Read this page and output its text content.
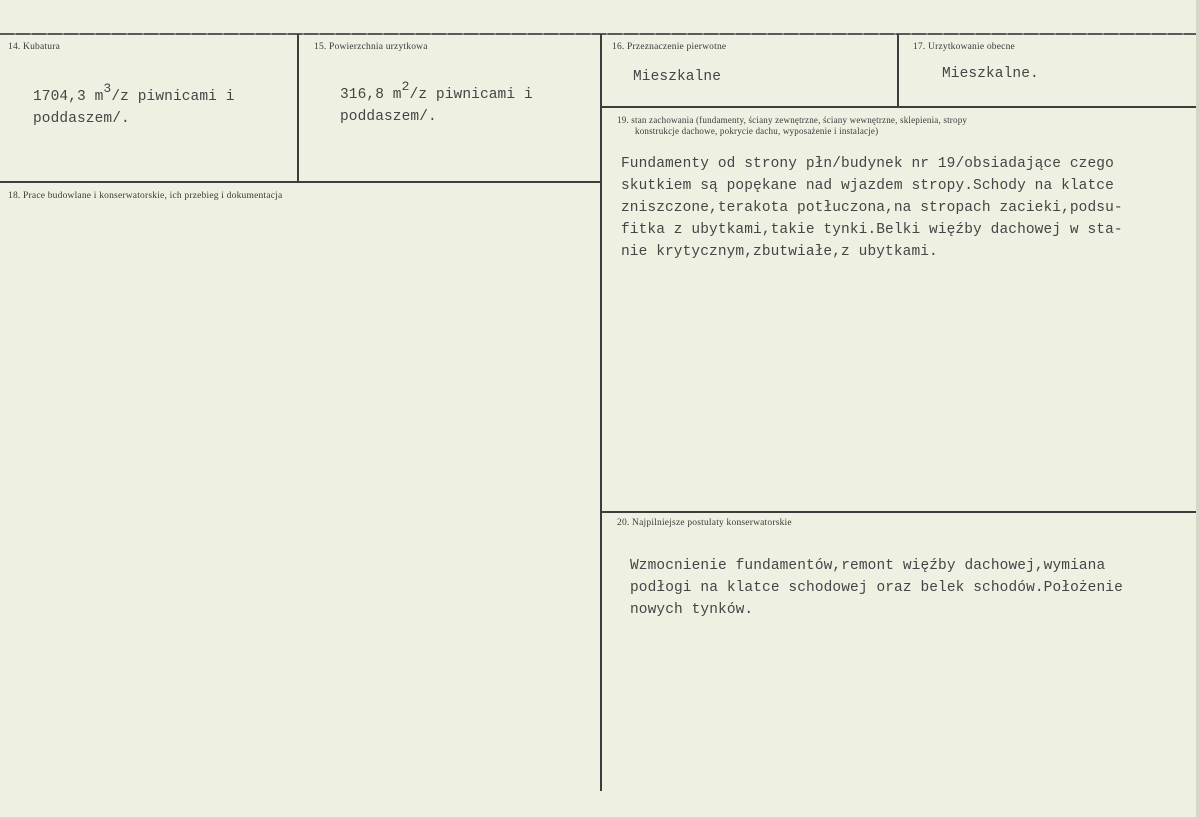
14. Kubatura
1704,3 m3/z piwnicami i
poddaszem/.
15. Powierzchnia urzytkowa
316,8 m2/z piwnicami i
poddaszem/.
16. Przeznaczenie pierwotne
Mieszkalne
17. Urzytkowanie obecne
Mieszkalne.
18. Prace budowlane i konserwatorskie, ich przebieg i dokumentacja
19. stan zachowania (fundamenty, ściany zewnętrzne, ściany wewnętrzne, sklepienia, stropy
konstrukcje dachowe, pokrycie dachu, wyposażenie i instalacje)
Fundamenty od strony płn/budynek nr 19/obsiadające czego
skutkiem są popękane nad wjazdem stropy.Schody na klatce
zniszczone,terakota potłuczona,na stropach zacieki,podsu-
fitka z ubytkami,takie tynki.Belki więźby dachowej w sta-
nie krytycznym,zbutwiałe,z ubytkami.
20. Najpilniejsze postulaty konserwatorskie
Wzmocnienie fundamentów,remont więźby dachowej,wymiana
podłogi na klatce schodowej oraz belek schodów.Położenie
nowych tynków.
